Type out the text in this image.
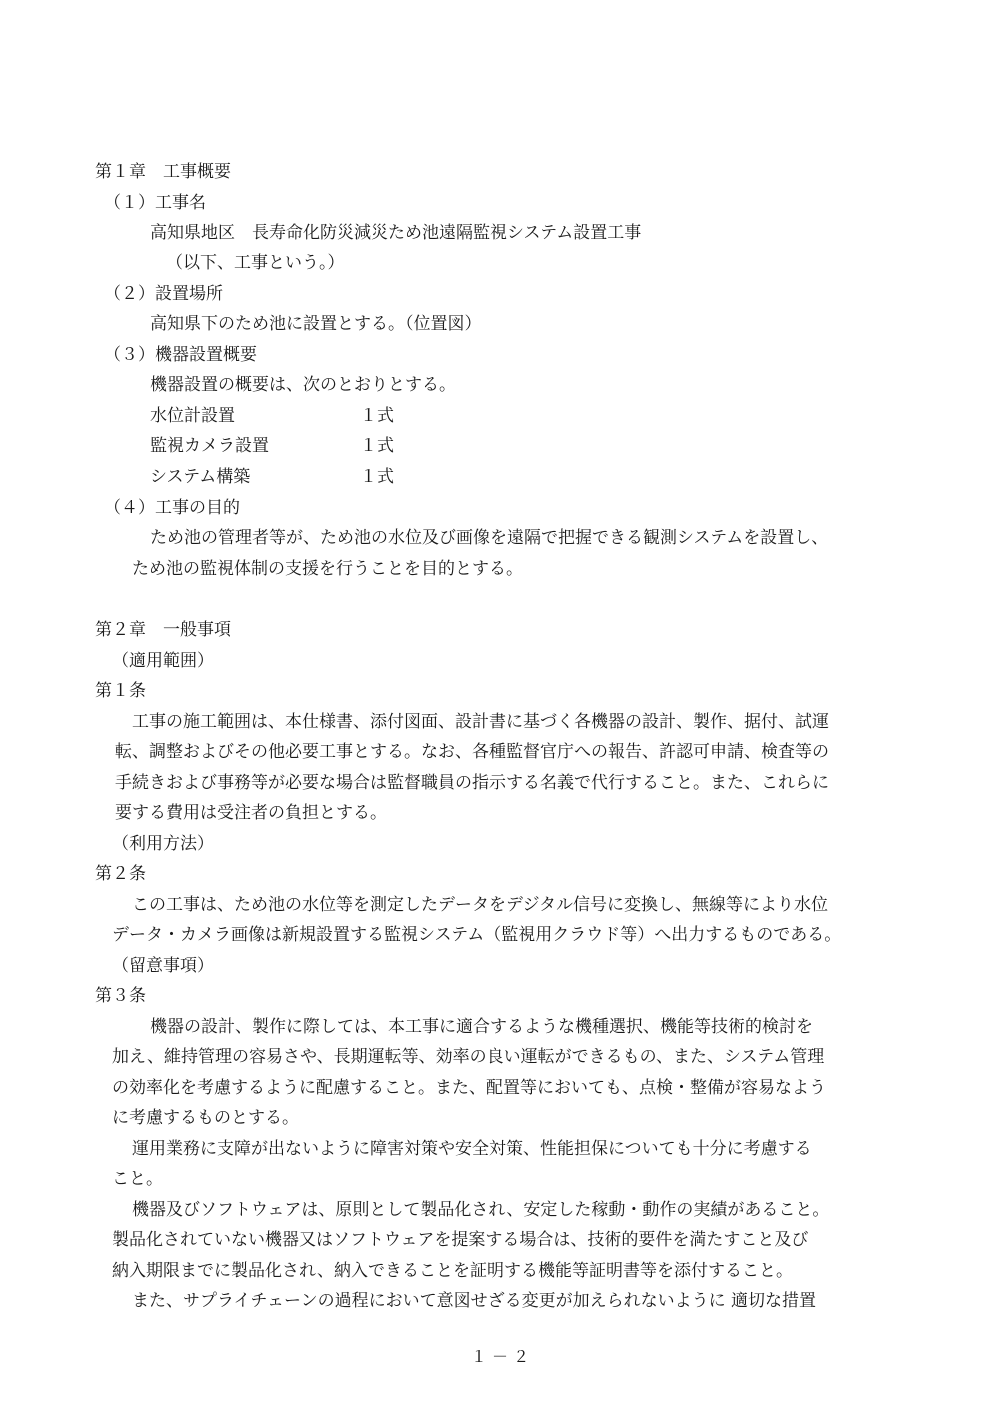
第１章　工事概要
（１）工事名
高知県地区　長寿命化防災減災ため池遠隔監視システム設置工事
（以下、工事という。）
（２）設置場所
高知県下のため池に設置とする。（位置図）
（３）機器設置概要
機器設置の概要は、次のとおりとする。
水位計設置	１式
監視カメラ設置	１式
システム構築	１式
（４）工事の目的
ため池の管理者等が、ため池の水位及び画像を遠隔で把握できる観測システムを設置し、
ため池の監視体制の支援を行うことを目的とする。
第２章　一般事項
（適用範囲）
第１条
工事の施工範囲は、本仕様書、添付図面、設計書に基づく各機器の設計、製作、据付、試運
転、調整およびその他必要工事とする。なお、各種監督官庁への報告、許認可申請、検査等の
手続きおよび事務等が必要な場合は監督職員の指示する名義で代行すること。また、これらに
要する費用は受注者の負担とする。
（利用方法）
第２条
この工事は、ため池の水位等を測定したデータをデジタル信号に変換し、無線等により水位
データ・カメラ画像は新規設置する監視システム（監視用クラウド等）へ出力するものである。
（留意事項）
第３条
機器の設計、製作に際しては、本工事に適合するような機種選択、機能等技術的検討を
加え、維持管理の容易さや、長期運転等、効率の良い運転ができるもの、また、システム管理
の効率化を考慮するように配慮すること。また、配置等においても、点検・整備が容易なよう
に考慮するものとする。
運用業務に支障が出ないように障害対策や安全対策、性能担保についても十分に考慮する
こと。
機器及びソフトウェアは、原則として製品化され、安定した稼動・動作の実績があること。
製品化されていない機器又はソフトウェアを提案する場合は、技術的要件を満たすこと及び
納入期限までに製品化され、納入できることを証明する機能等証明書等を添付すること。
また、サプライチェーンの過程において意図せざる変更が加えられないように 適切な措置
１ － ２
